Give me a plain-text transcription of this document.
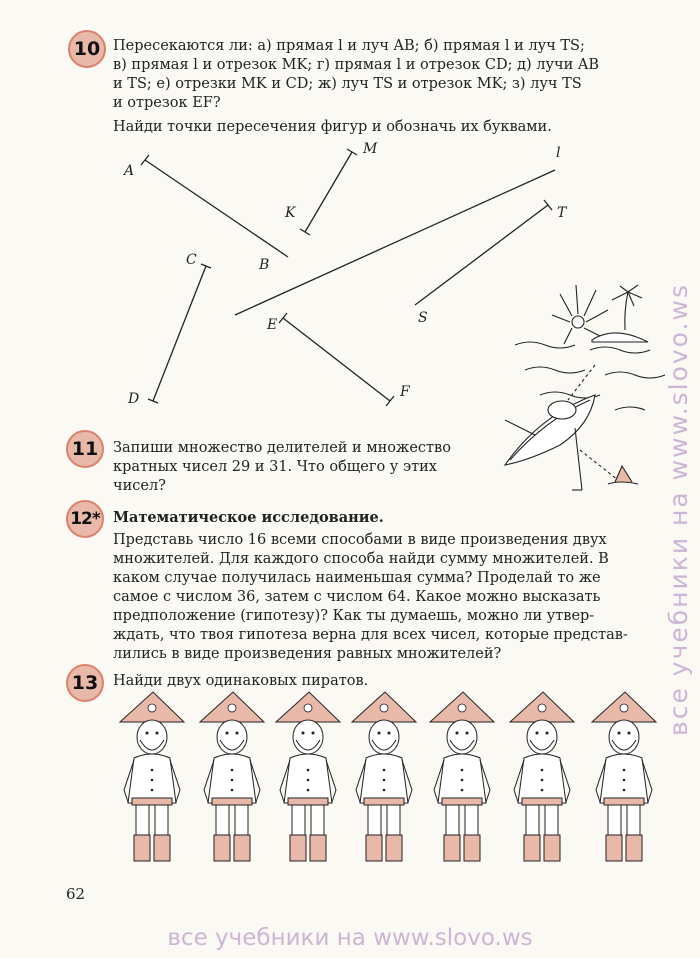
10 Пересекаются ли: а) прямая l и луч AB; б) прямая l и луч TS;
в) прямая l и отрезок MK; г) прямая l и отрезок CD; д) лучи AB
и TS; е) отрезки MK и CD; ж) луч TS и отрезок MK; з) луч TS
и отрезок EF?
Найди точки пересечения фигур и обозначь их буквами.
A
M	l
K	T
C	B
E	S
D	F
11	Запиши множество делителей и множество
кратных чисел 29 и 31. Что общего у этих
чисел?
12* Математическое исследование.
Представь число 16 всеми способами в виде произведения двух
множителей. Для каждого способа найди сумму множителей. В
каком случае получилась наименьшая сумма? Проделай то же
самое с числом 36, затем с числом 64. Какое можно высказать
предположение (гипотезу)? Как ты думаешь, можно ли утвер-
ждать, что твоя гипотеза верна для всех чисел, которые представ-
лились в виде произведения равных множителей?
13	Найди двух одинаковых пиратов.
62
все учебники на www.slovo.ws
все учебники на www.slovo.ws
